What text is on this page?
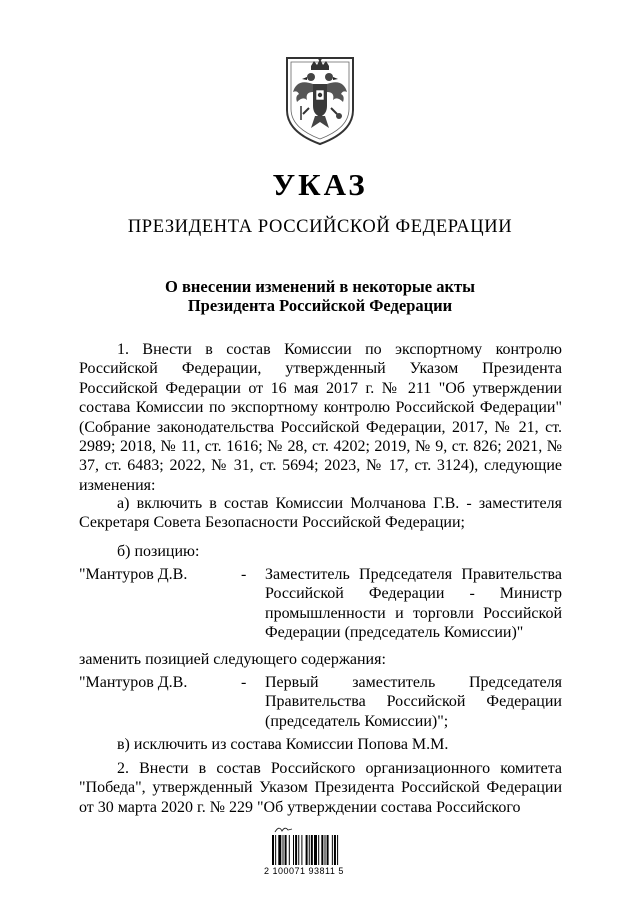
УКАЗ
ПРЕЗИДЕНТА РОССИЙСКОЙ ФЕДЕРАЦИИ
О внесении изменений в некоторые акты
Президента Российской Федерации

1. Внести в состав Комиссии по экспортному контролю Российской Федерации, утвержденный Указом Президента Российской Федерации от 16 мая 2017 г. № 211 "Об утверждении состава Комиссии по экспортному контролю Российской Федерации" (Собрание законодательства Российской Федерации, 2017, № 21, ст. 2989; 2018, № 11, ст. 1616; № 28, ст. 4202; 2019, № 9, ст. 826; 2021, № 37, ст. 6483; 2022, № 31, ст. 5694; 2023, № 17, ст. 3124), следующие изменения:

а) включить в состав Комиссии Молчанова Г.В. - заместителя Секретаря Совета Безопасности Российской Федерации;

б) позицию:

"Мантуров Д.В.	- Заместитель Председателя Правительства Российской Федерации - Министр промышленности и торговли Российской Федерации (председатель Комиссии)"

заменить позицией следующего содержания:

"Мантуров Д.В.	- Первый заместитель Председателя Правительства Российской Федерации (председатель Комиссии)";

в) исключить из состава Комиссии Попова М.М.

2. Внести в состав Российского организационного комитета "Победа", утвержденный Указом Президента Российской Федерации от 30 марта 2020 г. № 229 "Об утверждении состава Российского

2 100071 93811 5
